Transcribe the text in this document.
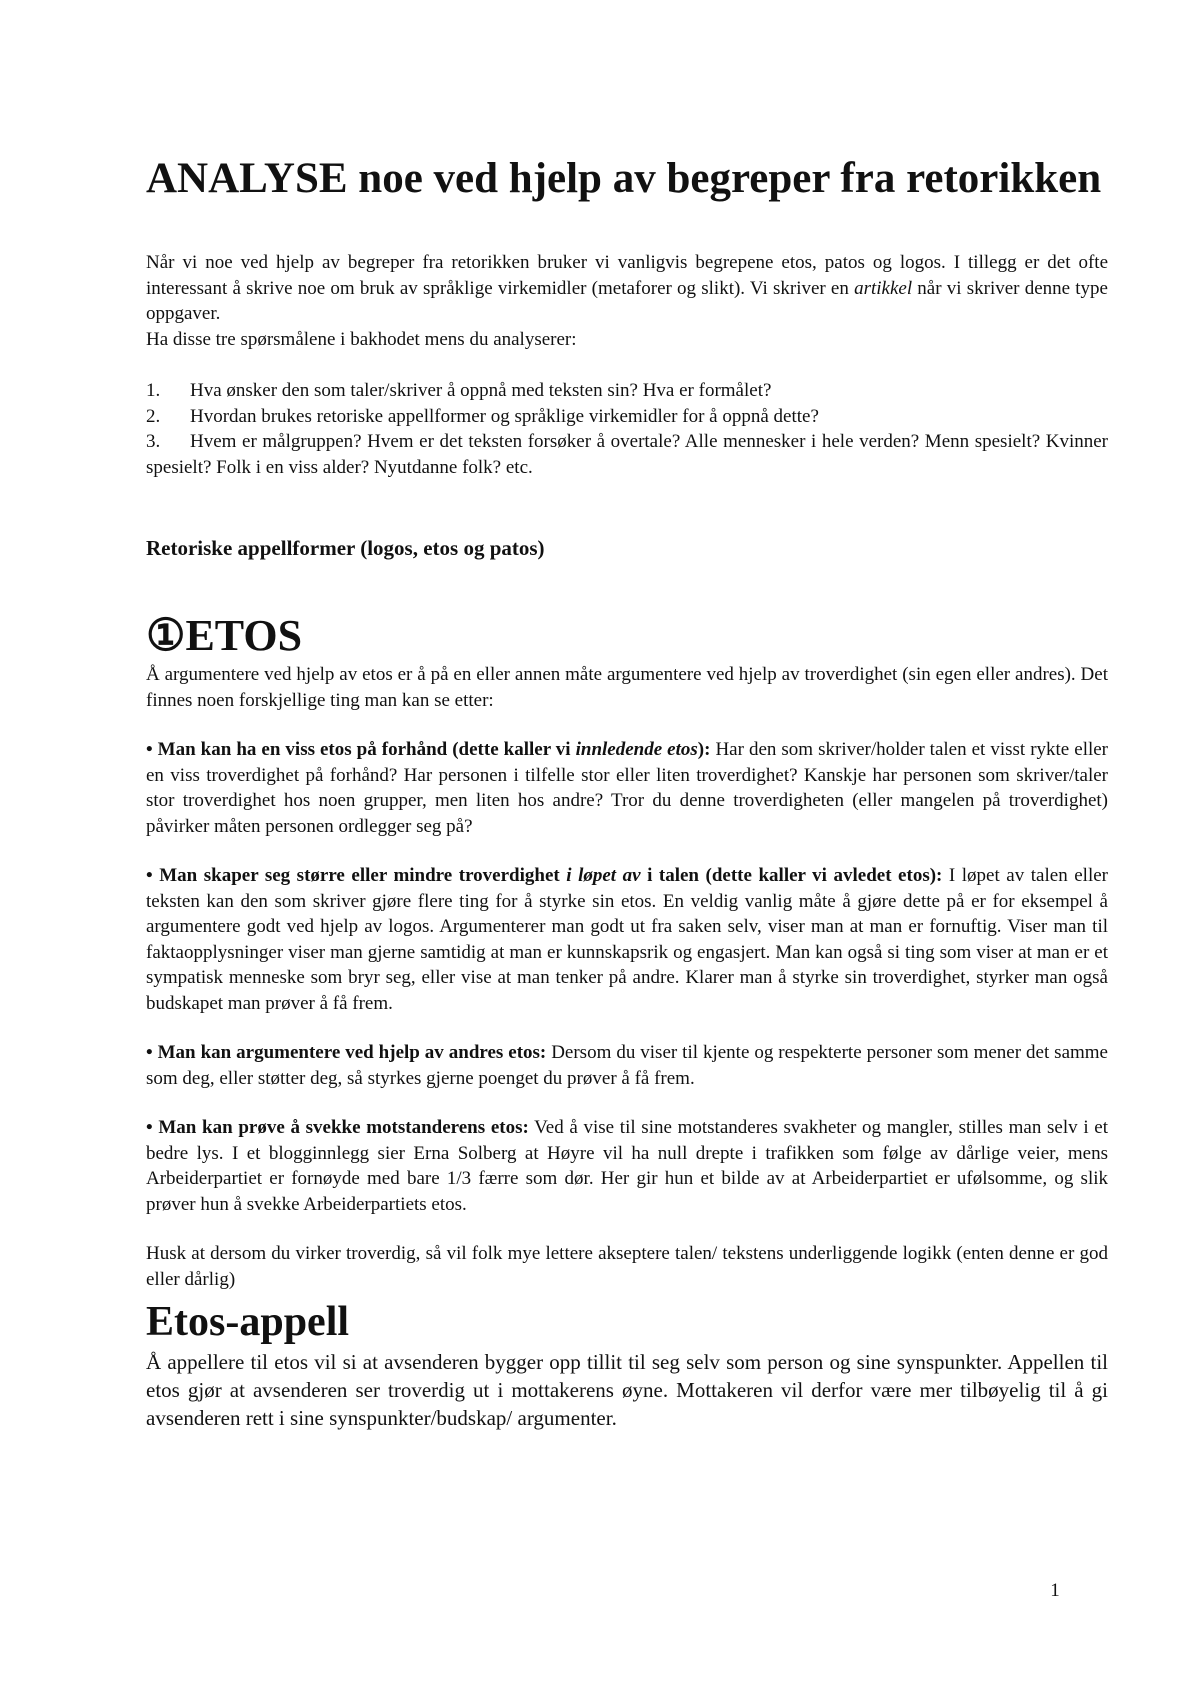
ANALYSE noe ved hjelp av begreper fra retorikken

Når vi noe ved hjelp av begreper fra retorikken bruker vi vanligvis begrepene etos, patos og logos. I tillegg er det ofte interessant å skrive noe om bruk av språklige virkemidler (metaforer og slikt). Vi skriver en artikkel når vi skriver denne type oppgaver.

Ha disse tre spørsmålene i bakhodet mens du analyserer:

1. Hva ønsker den som taler/skriver å oppnå med teksten sin? Hva er formålet?
2. Hvordan brukes retoriske appellformer og språklige virkemidler for å oppnå dette?
3. Hvem er målgruppen? Hvem er det teksten forsøker å overtale? Alle mennesker i hele verden? Menn spesielt? Kvinner spesielt? Folk i en viss alder? Nyutdanne folk? etc.
Retoriske appellformer (logos, etos og patos)
①ETOS

Å argumentere ved hjelp av etos er å på en eller annen måte argumentere ved hjelp av troverdighet (sin egen eller andres). Det finnes noen forskjellige ting man kan se etter:

• Man kan ha en viss etos på forhånd (dette kaller vi innledende etos): Har den som skriver/holder talen et visst rykte eller en viss troverdighet på forhånd? Har personen i tilfelle stor eller liten troverdighet? Kanskje har personen som skriver/taler stor troverdighet hos noen grupper, men liten hos andre? Tror du denne troverdigheten (eller mangelen på troverdighet) påvirker måten personen ordlegger seg på?

• Man skaper seg større eller mindre troverdighet i løpet av i talen (dette kaller vi avledet etos): I løpet av talen eller teksten kan den som skriver gjøre flere ting for å styrke sin etos. En veldig vanlig måte å gjøre dette på er for eksempel å argumentere godt ved hjelp av logos. Argumenterer man godt ut fra saken selv, viser man at man er fornuftig. Viser man til faktaopplysninger viser man gjerne samtidig at man er kunnskapsrik og engasjert. Man kan også si ting som viser at man er et sympatisk menneske som bryr seg, eller vise at man tenker på andre. Klarer man å styrke sin troverdighet, styrker man også budskapet man prøver å få frem.

• Man kan argumentere ved hjelp av andres etos: Dersom du viser til kjente og respekterte personer som mener det samme som deg, eller støtter deg, så styrkes gjerne poenget du prøver å få frem.

• Man kan prøve å svekke motstanderens etos: Ved å vise til sine motstanderes svakheter og mangler, stilles man selv i et bedre lys. I et blogginnlegg sier Erna Solberg at Høyre vil ha null drepte i trafikken som følge av dårlige veier, mens Arbeiderpartiet er fornøyde med bare 1/3 færre som dør. Her gir hun et bilde av at Arbeiderpartiet er ufølsomme, og slik prøver hun å svekke Arbeiderpartiets etos.

Husk at dersom du virker troverdig, så vil folk mye lettere akseptere talen/ tekstens underliggende logikk (enten denne er god eller dårlig)

Etos-appell

Å appellere til etos vil si at avsenderen bygger opp tillit til seg selv som person og sine synspunkter. Appellen til etos gjør at avsenderen ser troverdig ut i mottakerens øyne. Mottakeren vil derfor være mer tilbøyelig til å gi avsenderen rett i sine synspunkter/budskap/ argumenter.

1
